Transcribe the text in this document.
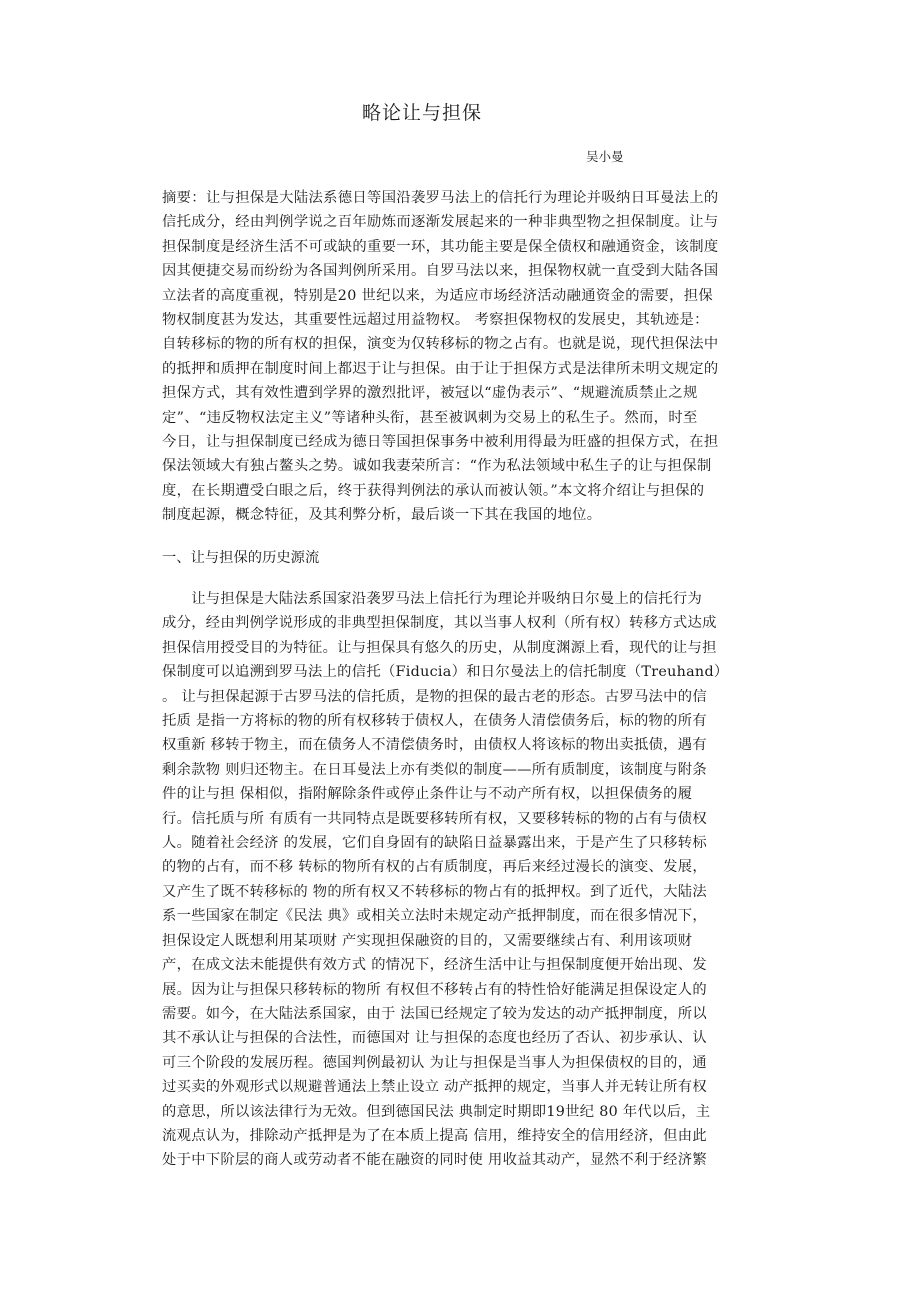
略论让与担保
吴小曼
摘要：让与担保是大陆法系德日等国沿袭罗马法上的信托行为理论并吸纳日耳曼法上的
信托成分，经由判例学说之百年励炼而逐渐发展起来的一种非典型物之担保制度。让与
担保制度是经济生活不可或缺的重要一环，其功能主要是保全债权和融通资金，该制度
因其便捷交易而纷纷为各国判例所采用。自罗马法以来，担保物权就一直受到大陆各国
立法者的高度重视，特别是20 世纪以来，为适应市场经济活动融通资金的需要，担保
物权制度甚为发达，其重要性远超过用益物权。 考察担保物权的发展史，其轨迹是：
自转移标的物的所有权的担保，演变为仅转移标的物之占有。也就是说，现代担保法中
的抵押和质押在制度时间上都迟于让与担保。由于让于担保方式是法律所未明文规定的
担保方式，其有效性遭到学界的激烈批评，被冠以“虚伪表示”、“规避流质禁止之规
定”、“违反物权法定主义”等诸种头衔，甚至被讽刺为交易上的私生子。然而，时至
今日，让与担保制度已经成为德日等国担保事务中被利用得最为旺盛的担保方式，在担
保法领域大有独占鳌头之势。诚如我妻荣所言：“作为私法领域中私生子的让与担保制
度，在长期遭受白眼之后，终于获得判例法的承认而被认领。”本文将介绍让与担保的
制度起源，概念特征，及其利弊分析，最后谈一下其在我国的地位。
一、让与担保的历史源流
　　让与担保是大陆法系国家沿袭罗马法上信托行为理论并吸纳日尔曼上的信托行为
成分，经由判例学说形成的非典型担保制度，其以当事人权利（所有权）转移方式达成
担保信用授受目的为特征。让与担保具有悠久的历史，从制度渊源上看，现代的让与担
保制度可以追溯到罗马法上的信托（Fiducia）和日尔曼法上的信托制度（Treuhand）
。 让与担保起源于古罗马法的信托质，是物的担保的最古老的形态。古罗马法中的信
托质 是指一方将标的物的所有权移转于债权人，在债务人清偿债务后，标的物的所有
权重新 移转于物主，而在债务人不清偿债务时，由债权人将该标的物出卖抵债，遇有
剩余款物 则归还物主。在日耳曼法上亦有类似的制度——所有质制度，该制度与附条
件的让与担 保相似，指附解除条件或停止条件让与不动产所有权，以担保债务的履
行。信托质与所 有质有一共同特点是既要移转所有权，又要移转标的物的占有与债权
人。随着社会经济 的发展，它们自身固有的缺陷日益暴露出来，于是产生了只移转标
的物的占有，而不移 转标的物所有权的占有质制度，再后来经过漫长的演变、发展，
又产生了既不转移标的 物的所有权又不转移标的物占有的抵押权。到了近代，大陆法
系一些国家在制定《民法 典》或相关立法时未规定动产抵押制度，而在很多情况下，
担保设定人既想利用某项财 产实现担保融资的目的，又需要继续占有、利用该项财
产，在成文法未能提供有效方式 的情况下，经济生活中让与担保制度便开始出现、发
展。因为让与担保只移转标的物所 有权但不移转占有的特性恰好能满足担保设定人的
需要。如今，在大陆法系国家，由于 法国已经规定了较为发达的动产抵押制度，所以
其不承认让与担保的合法性，而德国对 让与担保的态度也经历了否认、初步承认、认
可三个阶段的发展历程。德国判例最初认 为让与担保是当事人为担保债权的目的，通
过买卖的外观形式以规避普通法上禁止设立 动产抵押的规定，当事人并无转让所有权
的意思，所以该法律行为无效。但到德国民法 典制定时期即19世纪 80 年代以后，主
流观点认为，排除动产抵押是为了在本质上提高 信用，维持安全的信用经济，但由此
处于中下阶层的商人或劳动者不能在融资的同时使 用收益其动产，显然不利于经济繁
